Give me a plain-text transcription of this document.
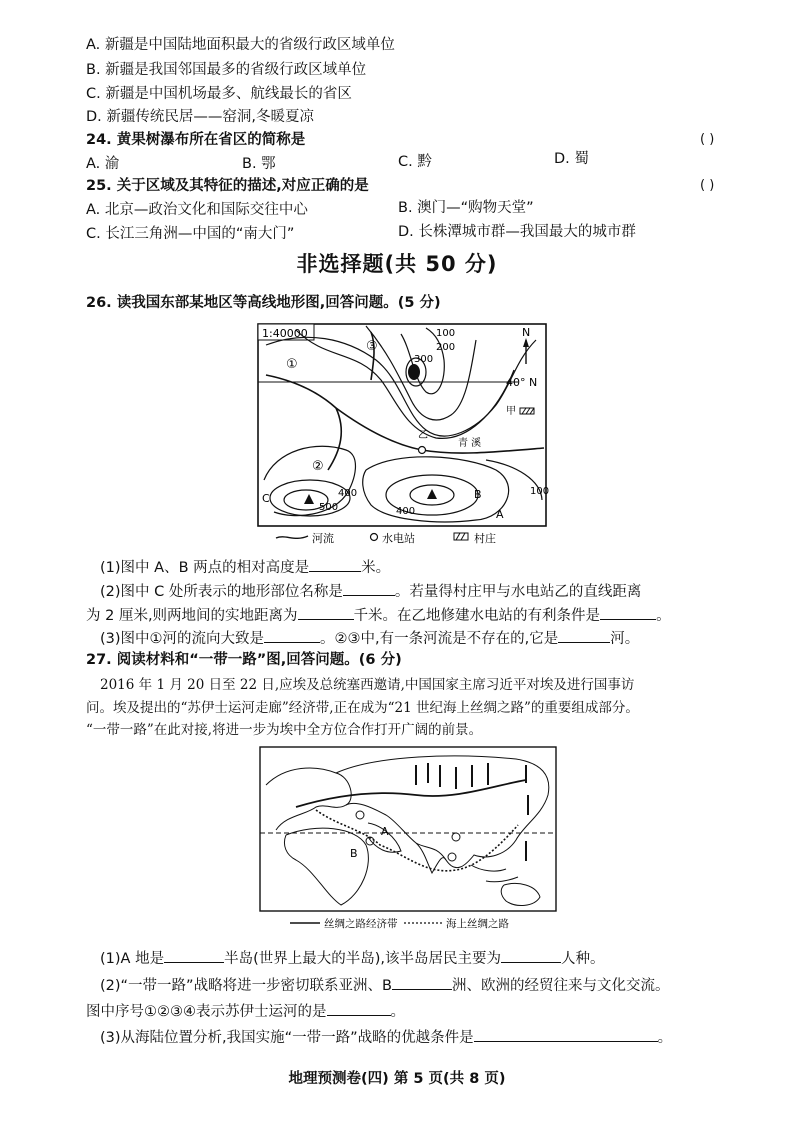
A. 新疆是中国陆地面积最大的省级行政区域单位
B. 新疆是我国邻国最多的省级行政区域单位
C. 新疆是中国机场最多、航线最长的省区
D. 新疆传统民居——窑洞,冬暖夏凉
24. 黄果树瀑布所在省区的简称是	( )
A. 渝	B. 鄂	C. 黔	D. 蜀
25. 关于区域及其特征的描述,对应正确的是	( )
A. 北京—政治文化和国际交往中心	B. 澳门—“购物天堂”
C. 长江三角洲—中国的“南大门”	D. 长株潭城市群—我国最大的城市群
非选择题(共 50 分)
26. 读我国东部某地区等高线地形图,回答问题。(5 分)
1:40000
40° N
N
甲
乙
青 溪
①
②
③
100
200
300
400
400
500
100
A
B
C
河流	水电站	村庄
(1)图中 A、B 两点的相对高度是	米。
(2)图中 C 处所表示的地形部位名称是	。若量得村庄甲与水电站乙的直线距离
为 2 厘米,则两地间的实地距离为	千米。在乙地修建水电站的有利条件是	。
(3)图中①河的流向大致是	。②③中,有一条河流是不存在的,它是	河。
27. 阅读材料和“一带一路”图,回答问题。(6 分)
2016 年 1 月 20 日至 22 日,应埃及总统塞西邀请,中国国家主席习近平对埃及进行国事访
问。埃及提出的“苏伊士运河走廊”经济带,正在成为“21 世纪海上丝绸之路”的重要组成部分。
“一带一路”在此对接,将进一步为埃中全方位合作打开广阔的前景。
A
B
丝绸之路经济带	海上丝绸之路
(1)A 地是	半岛(世界上最大的半岛),该半岛居民主要为	人种。
(2)“一带一路”战略将进一步密切联系亚洲、B	洲、欧洲的经贸往来与文化交流。
图中序号①②③④表示苏伊士运河的是	。
(3)从海陆位置分析,我国实施“一带一路”战略的优越条件是	。
地理预测卷(四) 第 5 页(共 8 页)
